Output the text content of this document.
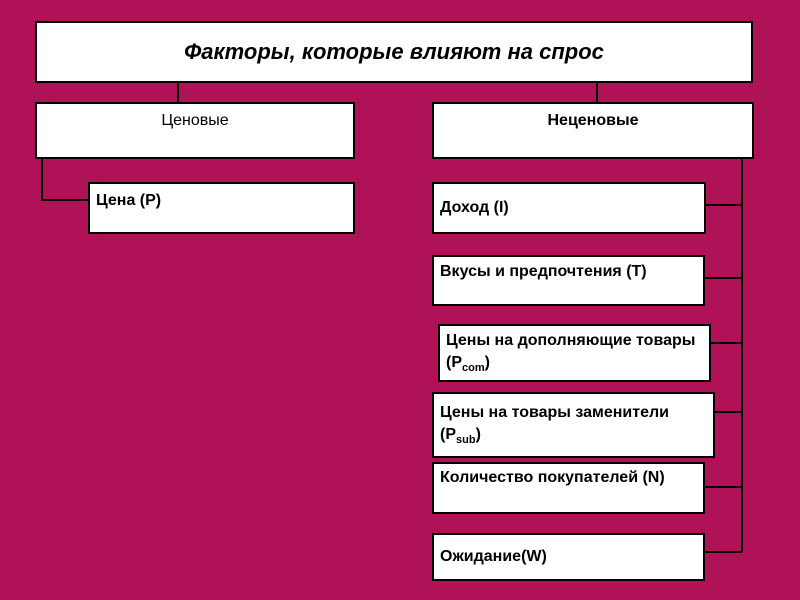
Факторы, которые влияют на спрос
Ценовые	Неценовые
Цена (P)	Доход (I)
Вкусы и предпочтения (T)
Цены на дополняющие товары $(P_{com})$
Цены на товары заменители $(P_{sub})$
Количество покупателей (N)
Ожидание(W)
